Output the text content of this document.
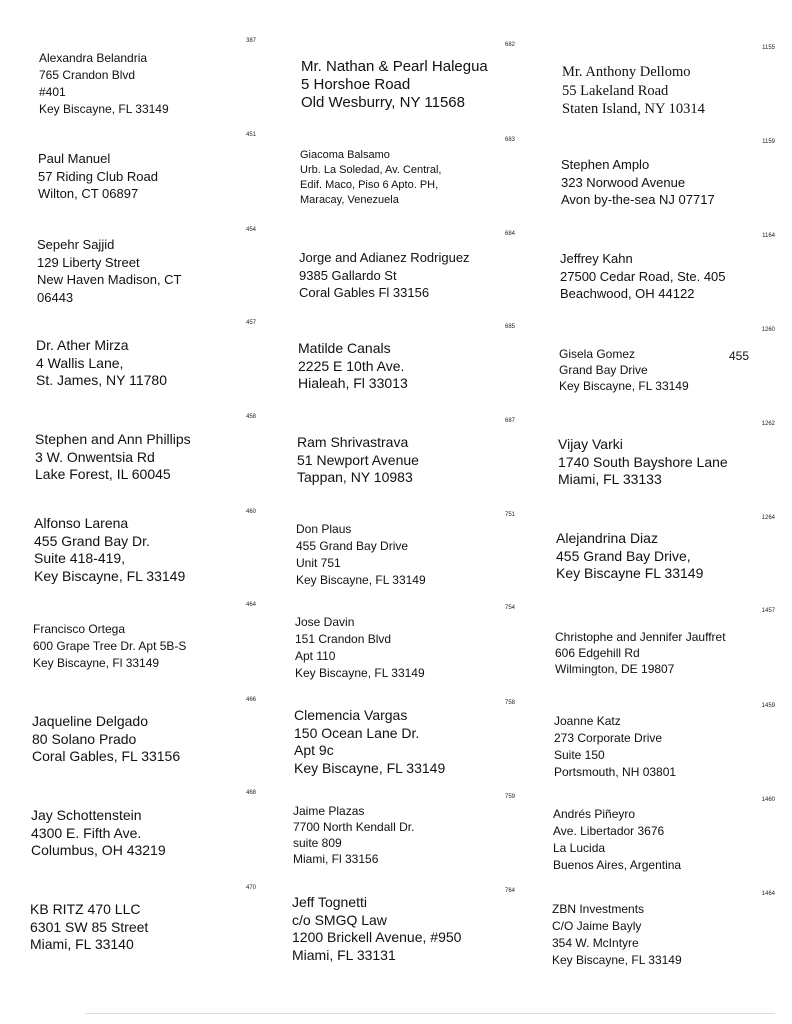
387
Alexandra Belandria
765 Crandon Blvd
#401
Key Biscayne, FL 33149
451
Paul Manuel
57 Riding Club Road
Wilton, CT 06897
454
Sepehr Sajjid
129 Liberty Street
New Haven Madison, CT
06443
457
Dr. Ather Mirza
4 Wallis Lane,
St. James, NY 11780
458
Stephen and Ann Phillips
3 W. Onwentsia Rd
Lake Forest, IL 60045
460
Alfonso Larena
455 Grand Bay Dr.
Suite 418-419,
Key Biscayne, FL 33149
464
Francisco Ortega
600 Grape Tree Dr. Apt 5B-S
Key Biscayne, Fl 33149
466
Jaqueline Delgado
80 Solano Prado
Coral Gables, FL 33156
468
Jay Schottenstein
4300 E. Fifth Ave.
Columbus, OH 43219
470
KB RITZ 470 LLC
6301 SW 85 Street
Miami, FL 33140
682
Mr. Nathan & Pearl Halegua
5 Horshoe Road
Old Wesburry, NY 11568
683
Giacoma Balsamo
Urb. La Soledad, Av. Central,
Edif. Maco, Piso 6 Apto. PH,
Maracay, Venezuela
684
Jorge and Adianez Rodriguez
9385 Gallardo St
Coral Gables Fl 33156
685
Matilde Canals
2225 E 10th Ave.
Hialeah, Fl 33013
687
Ram Shrivastrava
51 Newport Avenue
Tappan, NY 10983
751
Don Plaus
455 Grand Bay Drive
Unit 751
Key Biscayne, FL 33149
754
Jose Davin
151 Crandon Blvd
Apt 110
Key Biscayne, FL 33149
758
Clemencia Vargas
150 Ocean Lane Dr.
Apt 9c
Key Biscayne, FL 33149
759
Jaime Plazas
7700 North Kendall Dr.
suite 809
Miami, Fl 33156
764
Jeff Tognetti
c/o SMGQ Law
1200 Brickell Avenue, #950
Miami, FL 33131
1155
Mr. Anthony Dellomo
55 Lakeland Road
Staten Island, NY 10314
1159
Stephen Amplo
323 Norwood Avenue
Avon by-the-sea NJ 07717
1164
Jeffrey Kahn
27500 Cedar Road, Ste. 405
Beachwood, OH 44122
1260
Gisela Gomez
Grand Bay Drive
Key Biscayne, FL 33149
455
1262
Vijay Varki
1740 South Bayshore Lane
Miami, FL 33133
1264
Alejandrina Diaz
455 Grand Bay Drive,
Key Biscayne FL 33149
1457
Christophe and Jennifer Jauffret
606 Edgehill Rd
Wilmington, DE 19807
1459
Joanne Katz
273 Corporate Drive
Suite 150
Portsmouth, NH 03801
1460
Andrés Piñeyro
Ave. Libertador 3676
La Lucida
Buenos Aires, Argentina
1464
ZBN Investments
C/O Jaime Bayly
354 W. McIntyre
Key Biscayne, FL 33149
